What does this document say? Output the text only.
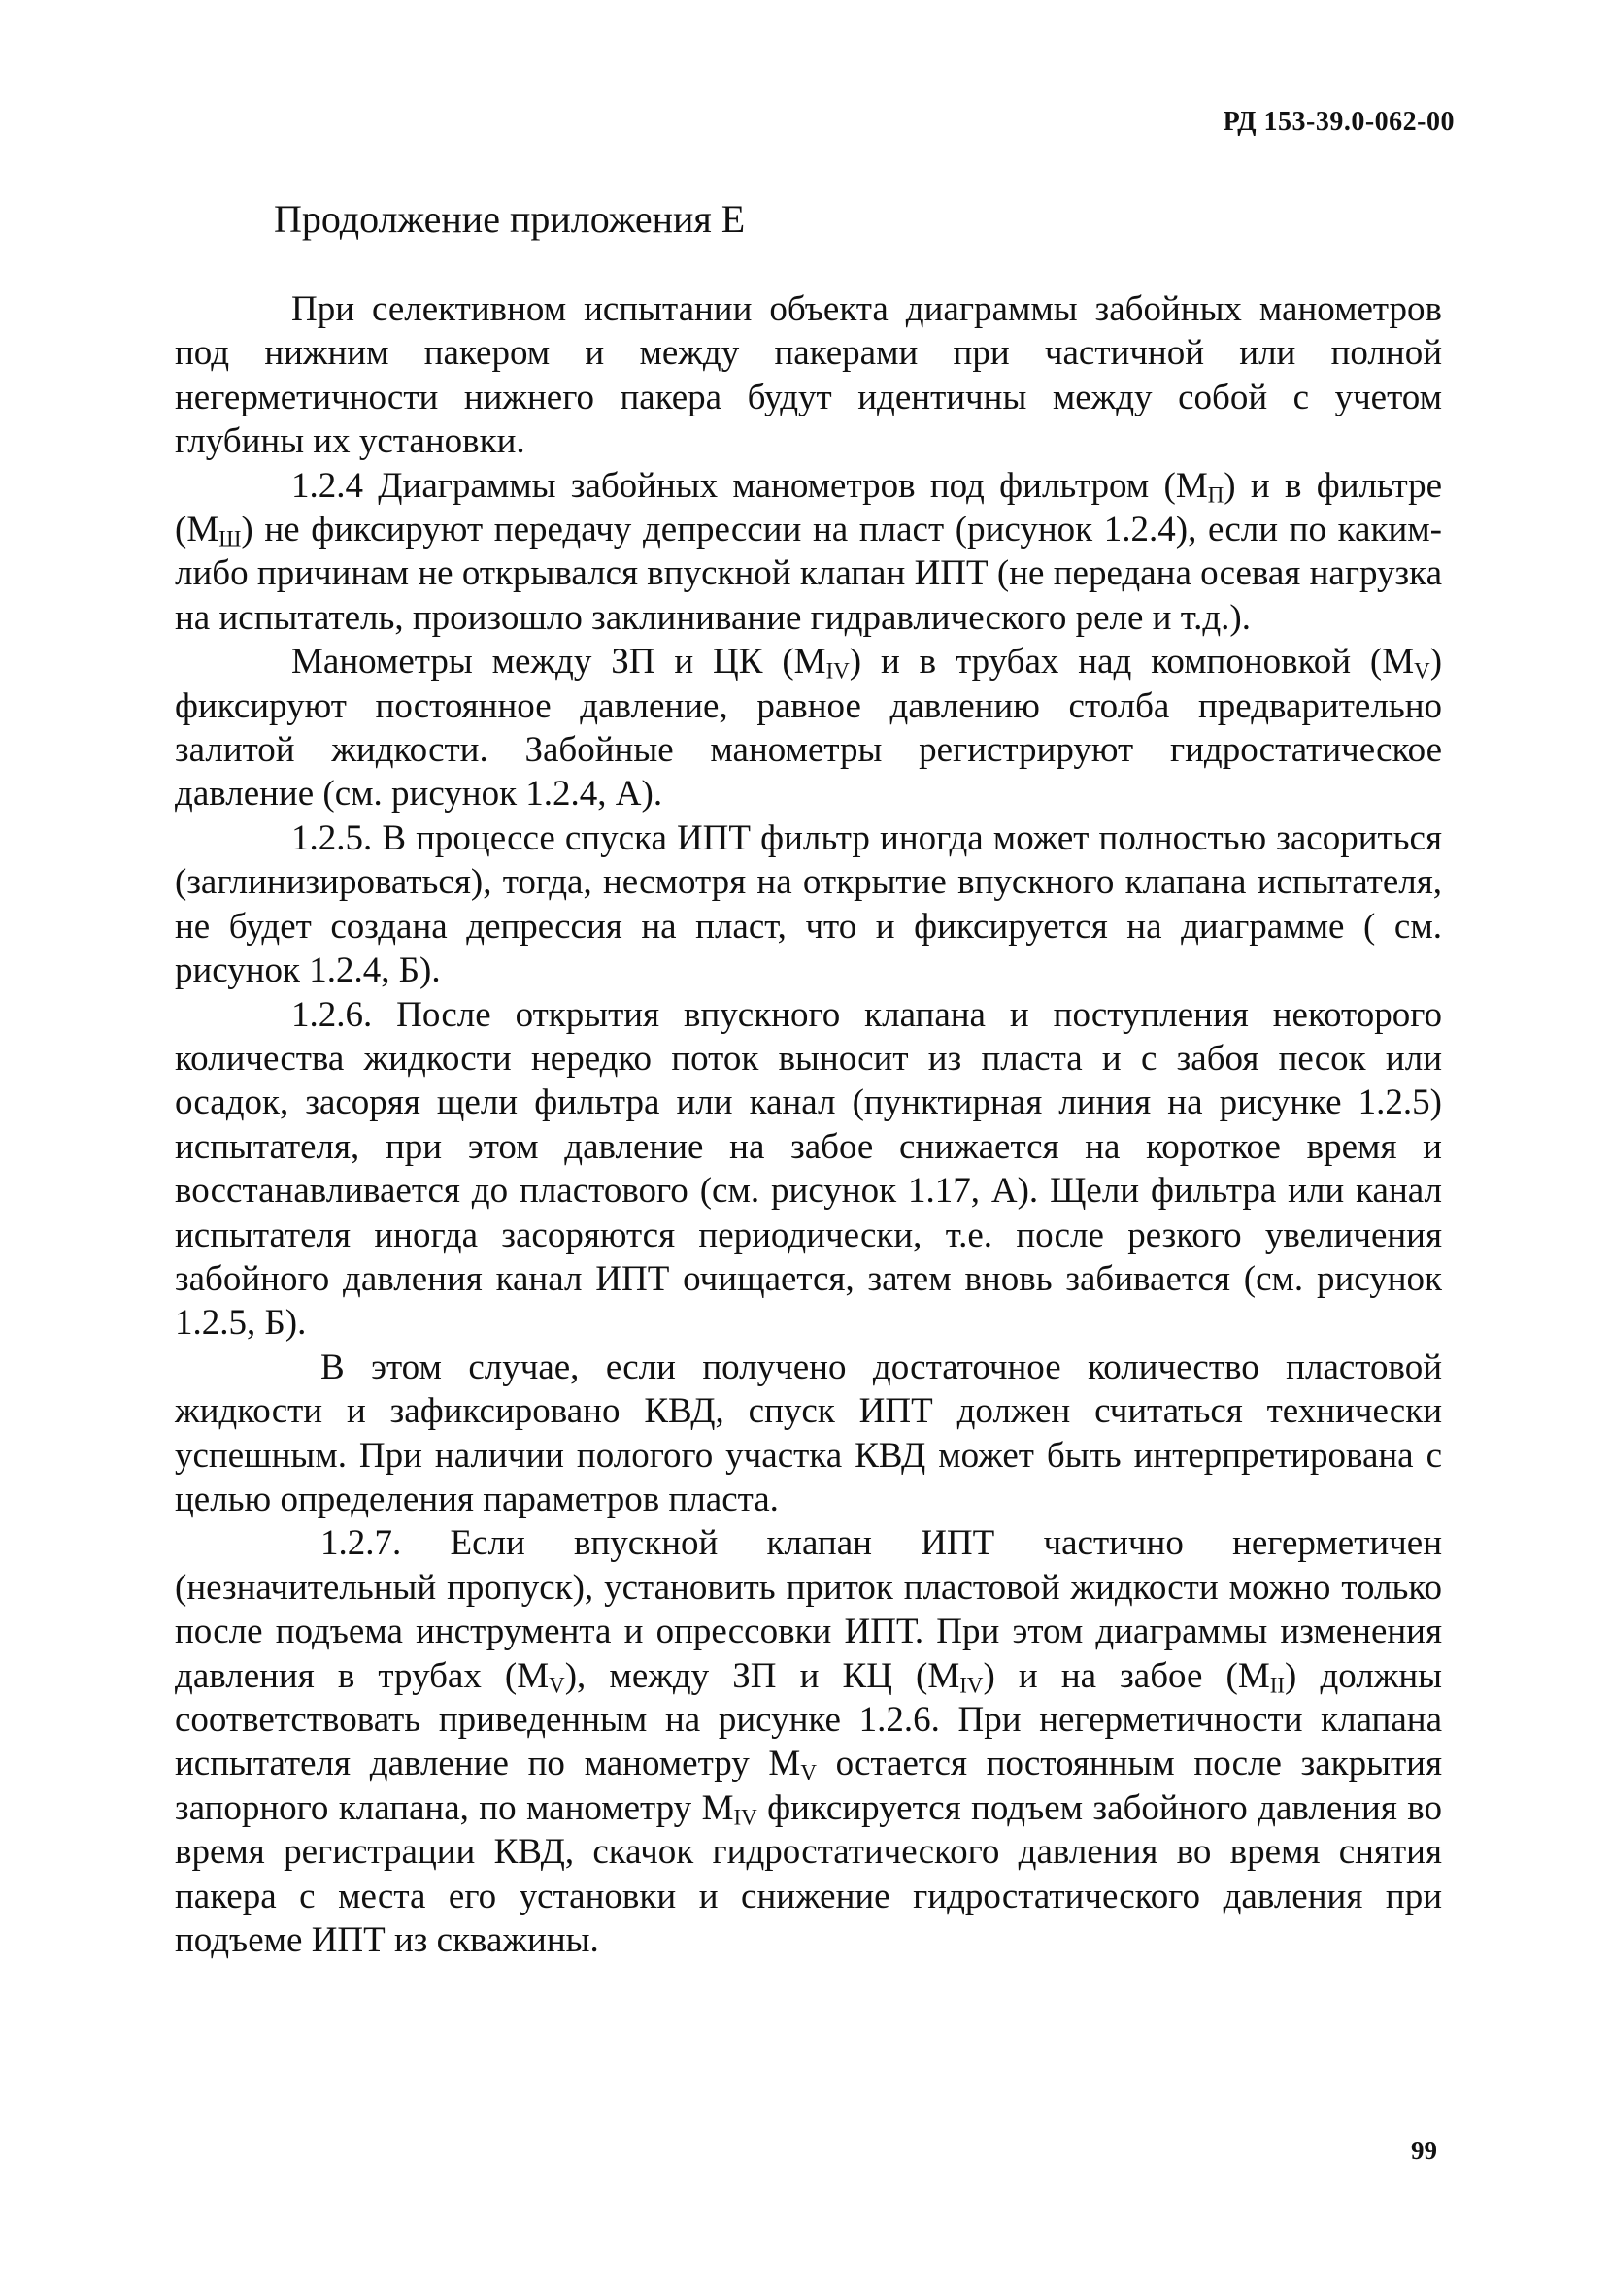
РД 153-39.0-062-00
Продолжение приложения Е

При селективном испытании объекта диаграммы забойных манометров под нижним пакером и между пакерами при частичной или полной негерметичности нижнего пакера будут идентичны между собой с учетом глубины их установки.

1.2.4 Диаграммы забойных манометров под фильтром $(М_П)$ и в фильтре $(М_Ш)$ не фиксируют передачу депрессии на пласт (рисунок 1.2.4), если по каким-либо причинам не открывался впускной клапан ИПТ (не передана осевая нагрузка на испытатель, произошло заклинивание гидравлического реле и т.д.).

Манометры между ЗП и ЦК $(М_{IV})$ и в трубах над компоновкой $(М_V)$ фиксируют постоянное давление, равное давлению столба предварительно залитой жидкости. Забойные манометры регистрируют гидростатическое давление (см. рисунок 1.2.4, А).

1.2.5. В процессе спуска ИПТ фильтр иногда может полностью засориться (заглинизироваться), тогда, несмотря на открытие впускного клапана испытателя, не будет создана депрессия на пласт, что и фиксируется на диаграмме ( см. рисунок 1.2.4, Б).

1.2.6. После открытия впускного клапана и поступления некоторого количества жидкости нередко поток выносит из пласта и с забоя песок или осадок, засоряя щели фильтра или канал (пунктирная линия на рисунке 1.2.5) испытателя, при этом давление на забое снижается на короткое время и восстанавливается до пластового (см. рисунок 1.17, А). Щели фильтра или канал испытателя иногда засоряются периодически, т.е. после резкого увеличения забойного давления канал ИПТ очищается, затем вновь забивается (см. рисунок 1.2.5, Б).

В этом случае, если получено достаточное количество пластовой жидкости и зафиксировано КВД, спуск ИПТ должен считаться технически успешным. При наличии пологого участка КВД может быть интерпретирована с целью определения параметров пласта.

1.2.7. Если впускной клапан ИПТ частично негерметичен (незначительный пропуск), установить приток пластовой жидкости можно только после подъема инструмента и опрессовки ИПТ. При этом диаграммы изменения давления в трубах $(М_V)$, между ЗП и КЦ $(М_{IV})$ и на забое $(М_{II})$ должны соответствовать приведенным на рисунке 1.2.6. При негерметичности клапана испытателя давление по манометру $М_V$ остается постоянным после закрытия запорного клапана, по манометру $М_{IV}$ фиксируется подъем забойного давления во время регистрации КВД, скачок гидростатического давления во время снятия пакера с места его установки и снижение гидростатического давления при подъеме ИПТ из скважины.

99
